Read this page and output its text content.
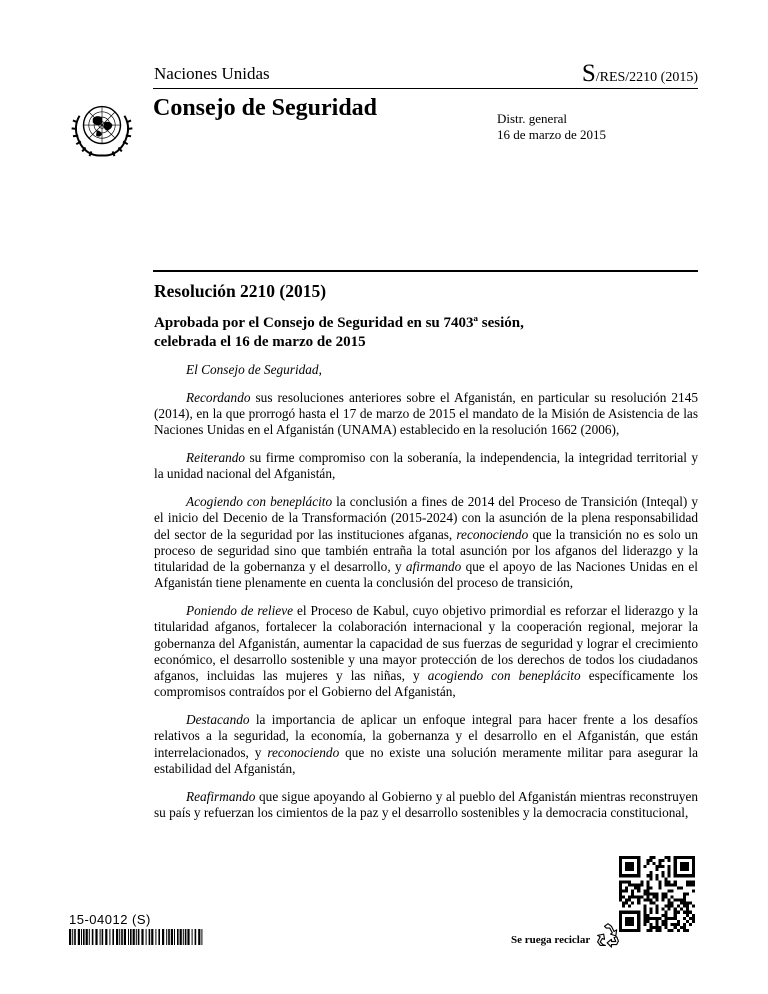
Naciones Unidas	S/RES/2210 (2015)
Consejo de Seguridad	Distr. general
16 de marzo de 2015
Resolución 2210 (2015)
Aprobada por el Consejo de Seguridad en su 7403ª sesión,
celebrada el 16 de marzo de 2015

El Consejo de Seguridad,

Recordando sus resoluciones anteriores sobre el Afganistán, en particular su resolución 2145 (2014), en la que prorrogó hasta el 17 de marzo de 2015 el mandato de la Misión de Asistencia de las Naciones Unidas en el Afganistán (UNAMA) establecido en la resolución 1662 (2006),

Reiterando su firme compromiso con la soberanía, la independencia, la integridad territorial y la unidad nacional del Afganistán,

Acogiendo con beneplácito la conclusión a fines de 2014 del Proceso de Transición (Inteqal) y el inicio del Decenio de la Transformación (2015-2024) con la asunción de la plena responsabilidad del sector de la seguridad por las instituciones afganas, reconociendo que la transición no es solo un proceso de seguridad sino que también entraña la total asunción por los afganos del liderazgo y la titularidad de la gobernanza y el desarrollo, y afirmando que el apoyo de las Naciones Unidas en el Afganistán tiene plenamente en cuenta la conclusión del proceso de transición,

Poniendo de relieve el Proceso de Kabul, cuyo objetivo primordial es reforzar el liderazgo y la titularidad afganos, fortalecer la colaboración internacional y la cooperación regional, mejorar la gobernanza del Afganistán, aumentar la capacidad de sus fuerzas de seguridad y lograr el crecimiento económico, el desarrollo sostenible y una mayor protección de los derechos de todos los ciudadanos afganos, incluidas las mujeres y las niñas, y acogiendo con beneplácito específicamente los compromisos contraídos por el Gobierno del Afganistán,

Destacando la importancia de aplicar un enfoque integral para hacer frente a los desafíos relativos a la seguridad, la economía, la gobernanza y el desarrollo en el Afganistán, que están interrelacionados, y reconociendo que no existe una solución meramente militar para asegurar la estabilidad del Afganistán,

Reafirmando que sigue apoyando al Gobierno y al pueblo del Afganistán mientras reconstruyen su país y refuerzan los cimientos de la paz y el desarrollo sostenibles y la democracia constitucional,

15-04012 (S)
Se ruega reciclar
